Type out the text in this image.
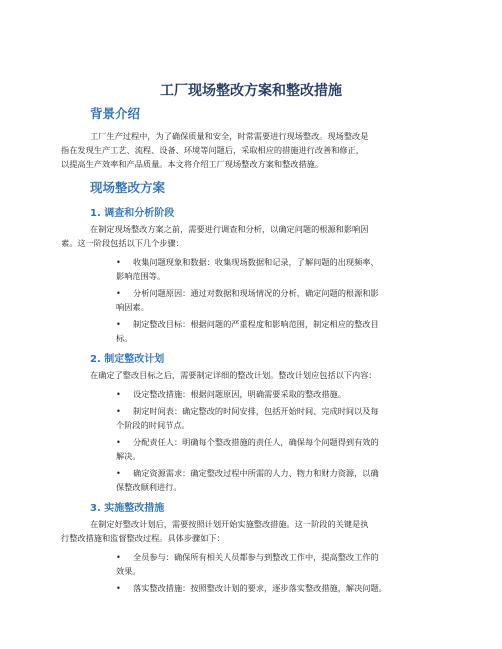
工厂现场整改方案和整改措施
背景介绍
工厂生产过程中，为了确保质量和安全，时常需要进行现场整改。现场整改是
指在发现生产工艺、流程、设备、环境等问题后，采取相应的措施进行改善和修正，
以提高生产效率和产品质量。本文将介绍工厂现场整改方案和整改措施。
现场整改方案
1. 调查和分析阶段
在制定现场整改方案之前，需要进行调查和分析，以确定问题的根源和影响因
素。这一阶段包括以下几个步骤：
• 收集问题现象和数据：收集现场数据和记录，了解问题的出现频率、
影响范围等。
• 分析问题原因：通过对数据和现场情况的分析，确定问题的根源和影
响因素。
• 制定整改目标：根据问题的严重程度和影响范围，制定相应的整改目
标。
2. 制定整改计划
在确定了整改目标之后，需要制定详细的整改计划。整改计划应包括以下内容：
• 设定整改措施：根据问题原因，明确需要采取的整改措施。
• 制定时间表：确定整改的时间安排，包括开始时间、完成时间以及每
个阶段的时间节点。
• 分配责任人：明确每个整改措施的责任人，确保每个问题得到有效的
解决。
• 确定资源需求：确定整改过程中所需的人力、物力和财力资源，以确
保整改顺利进行。
3. 实施整改措施
在制定好整改计划后，需要按照计划开始实施整改措施。这一阶段的关键是执
行整改措施和监督整改过程。具体步骤如下：
• 全员参与：确保所有相关人员都参与到整改工作中，提高整改工作的
效果。
• 落实整改措施：按照整改计划的要求，逐步落实整改措施，解决问题。
